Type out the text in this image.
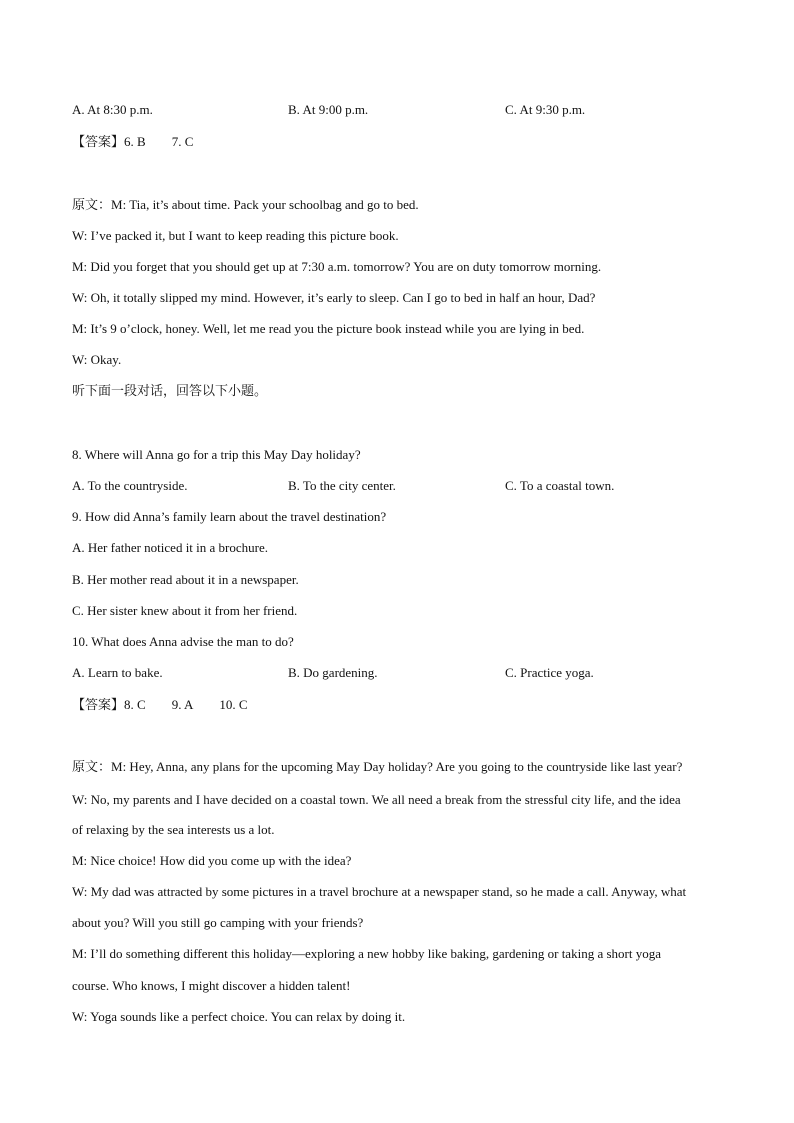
A. At 8:30 p.m.	B. At 9:00 p.m.	C. At 9:30 p.m.
【答案】6. B 7. C
原文：M: Tia, it’s about time. Pack your schoolbag and go to bed.
W: I’ve packed it, but I want to keep reading this picture book.
M: Did you forget that you should get up at 7:30 a.m. tomorrow? You are on duty tomorrow morning.
W: Oh, it totally slipped my mind. However, it’s early to sleep. Can I go to bed in half an hour, Dad?
M: It’s 9 o’clock, honey. Well, let me read you the picture book instead while you are lying in bed.
W: Okay.
听下面一段对话，回答以下小题。
8. Where will Anna go for a trip this May Day holiday?
A. To the countryside.	B. To the city center.	C. To a coastal town.
9. How did Anna’s family learn about the travel destination?
A. Her father noticed it in a brochure.
B. Her mother read about it in a newspaper.
C. Her sister knew about it from her friend.
10. What does Anna advise the man to do?
A. Learn to bake.	B. Do gardening.	C. Practice yoga.
【答案】8. C 9. A 10. C
原文：M: Hey, Anna, any plans for the upcoming May Day holiday? Are you going to the countryside like last year?
W: No, my parents and I have decided on a coastal town. We all need a break from the stressful city life, and the idea
of relaxing by the sea interests us a lot.
M: Nice choice! How did you come up with the idea?
W: My dad was attracted by some pictures in a travel brochure at a newspaper stand, so he made a call. Anyway, what
about you? Will you still go camping with your friends?
M: I’ll do something different this holiday—exploring a new hobby like baking, gardening or taking a short yoga
course. Who knows, I might discover a hidden talent!
W: Yoga sounds like a perfect choice. You can relax by doing it.
